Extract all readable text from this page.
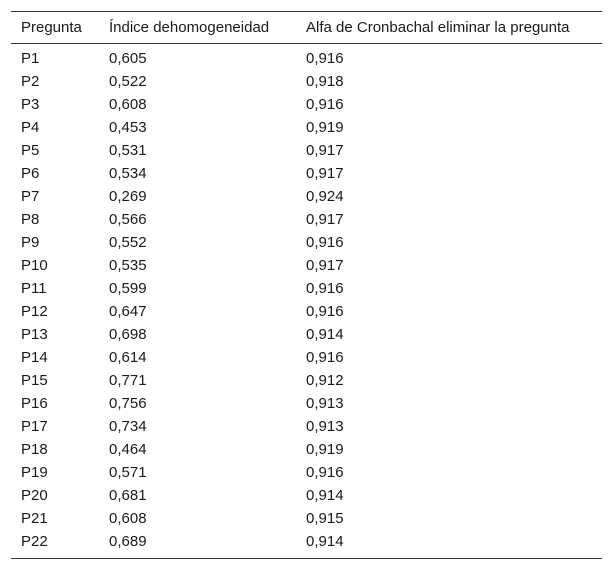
Pregunta	Índice dehomogeneidad	Alfa de Cronbachal eliminar la pregunta
P1	0,605	0,916
P2	0,522	0,918
P3	0,608	0,916
P4	0,453	0,919
P5	0,531	0,917
P6	0,534	0,917
P7	0,269	0,924
P8	0,566	0,917
P9	0,552	0,916
P10	0,535	0,917
P11	0,599	0,916
P12	0,647	0,916
P13	0,698	0,914
P14	0,614	0,916
P15	0,771	0,912
P16	0,756	0,913
P17	0,734	0,913
P18	0,464	0,919
P19	0,571	0,916
P20	0,681	0,914
P21	0,608	0,915
P22	0,689	0,914
